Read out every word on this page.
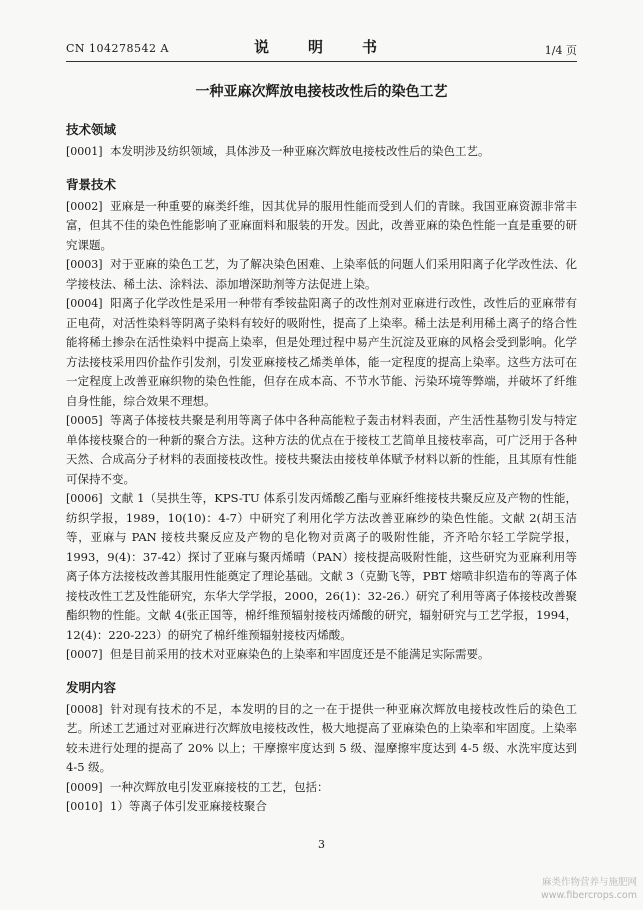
CN 104278542 A	说　明　书	1/4 页
一种亚麻次辉放电接枝改性后的染色工艺

技术领域

[0001] 本发明涉及纺织领域，具体涉及一种亚麻次辉放电接枝改性后的染色工艺。

背景技术

[0002] 亚麻是一种重要的麻类纤维，因其优异的服用性能而受到人们的青睐。我国亚麻资源非常丰富，但其不佳的染色性能影响了亚麻面料和服装的开发。因此，改善亚麻的染色性能一直是重要的研究课题。

[0003] 对于亚麻的染色工艺，为了解决染色困难、上染率低的问题人们采用阳离子化学改性法、化学接枝法、稀土法、涂料法、添加增深助剂等方法促进上染。

[0004] 阳离子化学改性是采用一种带有季铵盐阳离子的改性剂对亚麻进行改性，改性后的亚麻带有正电荷，对活性染料等阴离子染料有较好的吸附性，提高了上染率。稀土法是利用稀土离子的络合性能将稀土掺杂在活性染料中提高上染率，但是处理过程中易产生沉淀及亚麻的风格会受到影响。化学方法接枝采用四价盐作引发剂，引发亚麻接枝乙烯类单体，能一定程度的提高上染率。这些方法可在一定程度上改善亚麻织物的染色性能，但存在成本高、不节水节能、污染环境等弊端，并破坏了纤维自身性能，综合效果不理想。

[0005] 等离子体接枝共聚是利用等离子体中各种高能粒子轰击材料表面，产生活性基物引发与特定单体接枝聚合的一种新的聚合方法。这种方法的优点在于接枝工艺简单且接枝率高，可广泛用于各种天然、合成高分子材料的表面接枝改性。接枝共聚法由接枝单体赋予材料以新的性能，且其原有性能可保持不变。

[0006] 文献 1（吴拱生等，KPS-TU 体系引发丙烯酸乙酯与亚麻纤维接枝共聚反应及产物的性能，纺织学报，1989，10(10)：4-7）中研究了利用化学方法改善亚麻纱的染色性能。文献 2(胡玉洁等，亚麻与 PAN 接枝共聚反应及产物的皂化物对贡离子的吸附性能，齐齐哈尔轻工学院学报，1993，9(4)：37-42）探讨了亚麻与聚丙烯晴（PAN）接枝提高吸附性能，这些研究为亚麻利用等离子体方法接枝改善其服用性能奠定了理论基础。文献 3（克勤飞等，PBT 熔喷非织造布的等离子体接枝改性工艺及性能研究，东华大学学报，2000，26(1)：32-26.）研究了利用等离子体接枝改善聚酯织物的性能。文献 4(张正国等，棉纤维预辐射接枝丙烯酸的研究，辐射研究与工艺学报，1994，12(4)：220-223）的研究了棉纤维预辐射接枝丙烯酸。

[0007] 但是目前采用的技术对亚麻染色的上染率和牢固度还是不能满足实际需要。

发明内容

[0008] 针对现有技术的不足，本发明的目的之一在于提供一种亚麻次辉放电接枝改性后的染色工艺。所述工艺通过对亚麻进行次辉放电接枝改性，极大地提高了亚麻染色的上染率和牢固度。上染率较未进行处理的提高了 20% 以上；干摩擦牢度达到 5 级、湿摩擦牢度达到 4-5 级、水洗牢度达到 4-5 级。

[0009] 一种次辉放电引发亚麻接枝的工艺，包括：

[0010] 1）等离子体引发亚麻接枝聚合

3
麻类作物营养与施肥网
www.fibercrops.com
